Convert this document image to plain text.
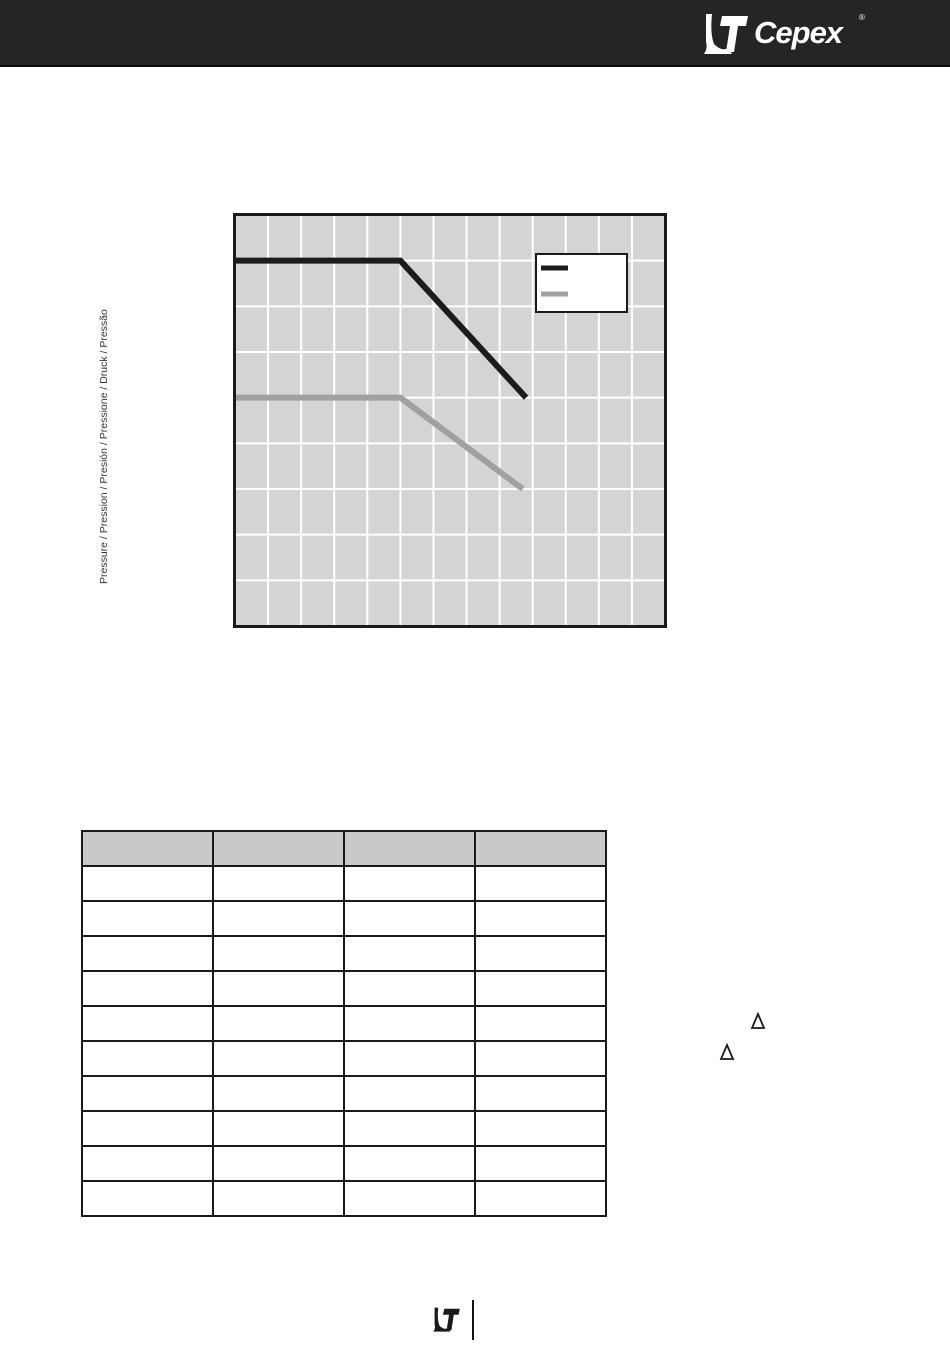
Cepex ®
Pressure / Pression / Presión / Pressione / Druck / Pressão
